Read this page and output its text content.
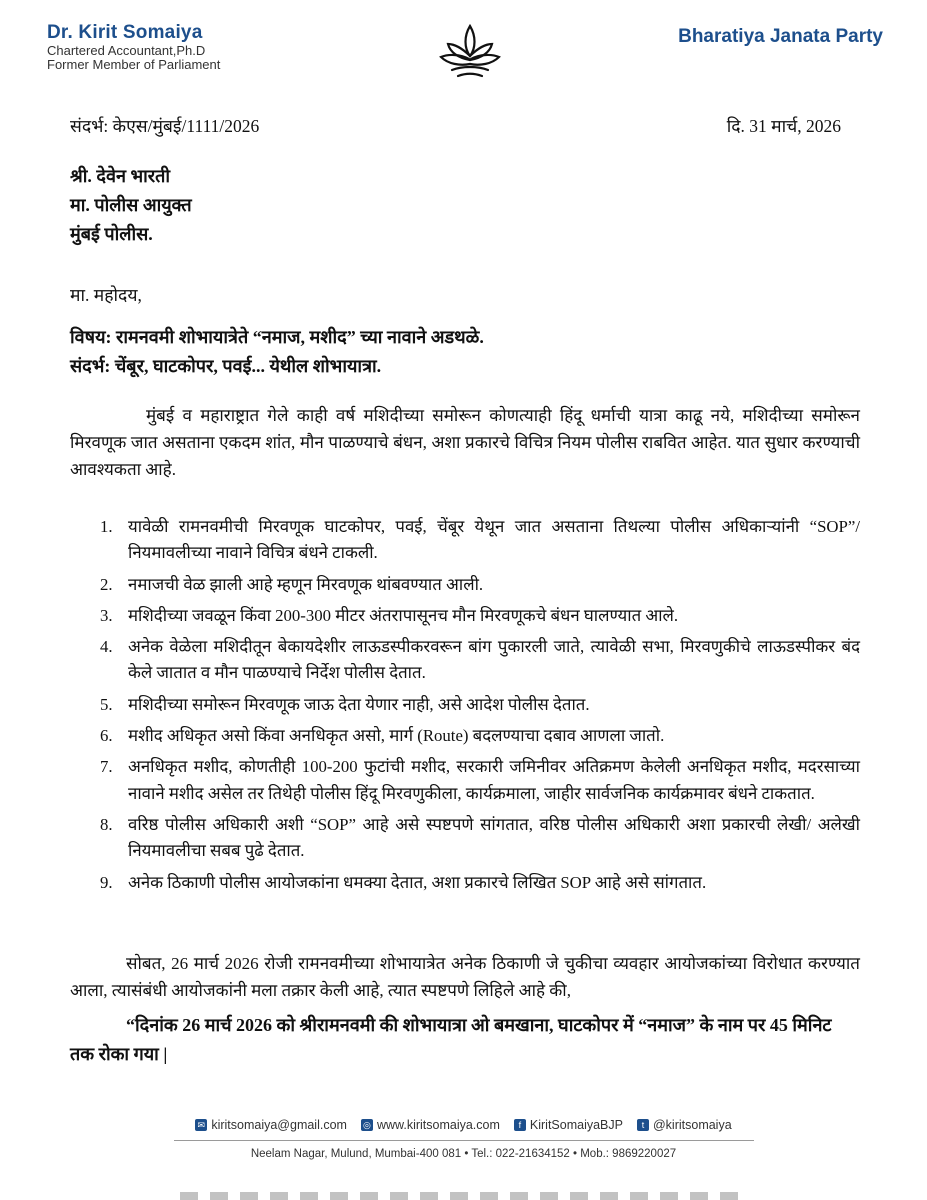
Dr. Kirit Somaiya
Chartered Accountant,Ph.D
Former Member of Parliament
Bharatiya Janata Party
संदर्भ: केएस/मुंबई/1111/2026	दि. 31 मार्च, 2026
श्री. देवेन भारती
मा. पोलीस आयुक्त
मुंबई पोलीस.
मा. महोदय,
विषय: रामनवमी शोभायात्रेते “नमाज, मशीद” च्या नावाने अडथळे.
संदर्भ: चेंबूर, घाटकोपर, पवई... येथील शोभायात्रा.
मुंबई व महाराष्ट्रात गेले काही वर्ष मशिदीच्या समोरून कोणत्याही हिंदू धर्माची यात्रा काढू नये, मशिदीच्या समोरून मिरवणूक जात असताना एकदम शांत, मौन पाळण्याचे बंधन, अशा प्रकारचे विचित्र नियम पोलीस राबवित आहेत. यात सुधार करण्याची आवश्यकता आहे.
1. यावेळी रामनवमीची मिरवणूक घाटकोपर, पवई, चेंबूर येथून जात असताना तिथल्या पोलीस अधिकाऱ्यांनी “SOP”/ नियमावलीच्या नावाने विचित्र बंधने टाकली.
2. नमाजची वेळ झाली आहे म्हणून मिरवणूक थांबवण्यात आली.
3. मशिदीच्या जवळून किंवा 200-300 मीटर अंतरापासूनच मौन मिरवणूकचे बंधन घालण्यात आले.
4. अनेक वेळेला मशिदीतून बेकायदेशीर लाऊडस्पीकरवरून बांग पुकारली जाते, त्यावेळी सभा, मिरवणुकीचे लाऊडस्पीकर बंद केले जातात व मौन पाळण्याचे निर्देश पोलीस देतात.
5. मशिदीच्या समोरून मिरवणूक जाऊ देता येणार नाही, असे आदेश पोलीस देतात.
6. मशीद अधिकृत असो किंवा अनधिकृत असो, मार्ग (Route) बदलण्याचा दबाव आणला जातो.
7. अनधिकृत मशीद, कोणतीही 100-200 फुटांची मशीद, सरकारी जमिनीवर अतिक्रमण केलेली अनधिकृत मशीद, मदरसाच्या नावाने मशीद असेल तर तिथेही पोलीस हिंदू मिरवणुकीला, कार्यक्रमाला, जाहीर सार्वजनिक कार्यक्रमावर बंधने टाकतात.
8. वरिष्ठ पोलीस अधिकारी अशी “SOP” आहे असे स्पष्टपणे सांगतात, वरिष्ठ पोलीस अधिकारी अशा प्रकारची लेखी/ अलेखी नियमावलीचा सबब पुढे देतात.
9. अनेक ठिकाणी पोलीस आयोजकांना धमक्या देतात, अशा प्रकारचे लिखित SOP आहे असे सांगतात.
सोबत, 26 मार्च 2026 रोजी रामनवमीच्या शोभायात्रेत अनेक ठिकाणी जे चुकीचा व्यवहार आयोजकांच्या विरोधात करण्यात आला, त्यासंबंधी आयोजकांनी मला तक्रार केली आहे, त्यात स्पष्टपणे लिहिले आहे की,
“दिनांक 26 मार्च 2026 को श्रीरामनवमी की शोभायात्रा ओ बमखाना, घाटकोपर में “नमाज” के नाम पर 45 मिनिट तक रोका गया |
✉ kiritsomaiya@gmail.com ◎ www.kiritsomaiya.com	f KiritSomaiyaBJP	t @kiritsomaiya
Neelam Nagar, Mulund, Mumbai-400 081 • Tel.: 022-21634152 • Mob.: 9869220027
